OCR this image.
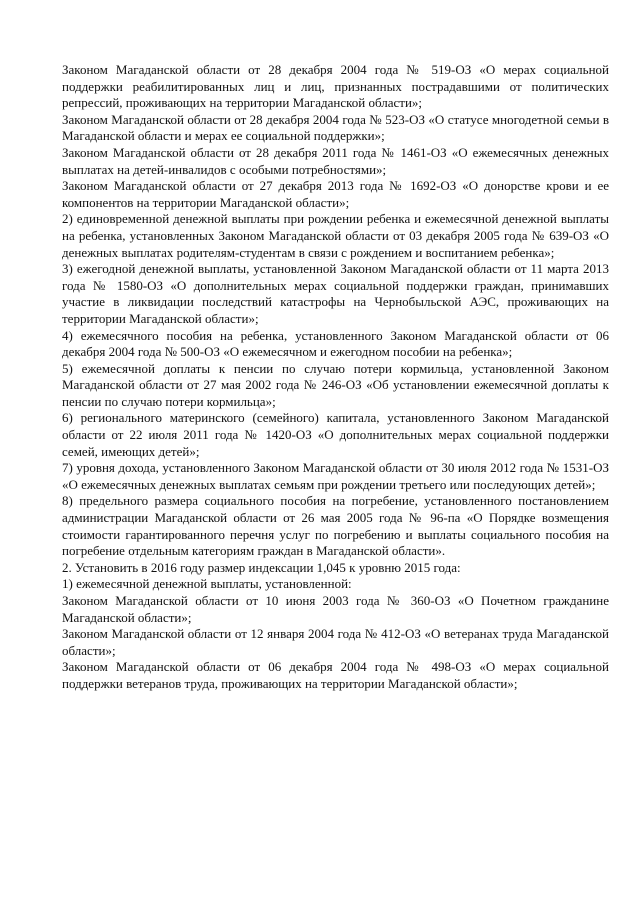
Законом Магаданской области от 28 декабря 2004 года № 519-ОЗ «О мерах социальной поддержки реабилитированных лиц и лиц, признанных пострадавшими от политических репрессий, проживающих на территории Магаданской области»;

Законом Магаданской области от 28 декабря 2004 года № 523-ОЗ «О статусе многодетной семьи в Магаданской области и мерах ее социальной поддержки»;

Законом Магаданской области от 28 декабря 2011 года № 1461-ОЗ «О ежемесячных денежных выплатах на детей-инвалидов с особыми потребностями»;

Законом Магаданской области от 27 декабря 2013 года № 1692-ОЗ «О донорстве крови и ее компонентов на территории Магаданской области»;

2) единовременной денежной выплаты при рождении ребенка и ежемесячной денежной выплаты на ребенка, установленных Законом Магаданской области от 03 декабря 2005 года № 639-ОЗ «О денежных выплатах родителям-студентам в связи с рождением и воспитанием ребенка»;

3) ежегодной денежной выплаты, установленной Законом Магаданской области от 11 марта 2013 года № 1580-ОЗ «О дополнительных мерах социальной поддержки граждан, принимавших участие в ликвидации последствий катастрофы на Чернобыльской АЭС, проживающих на территории Магаданской области»;

4) ежемесячного пособия на ребенка, установленного Законом Магаданской области от 06 декабря 2004 года № 500-ОЗ «О ежемесячном и ежегодном пособии на ребенка»;

5) ежемесячной доплаты к пенсии по случаю потери кормильца, установленной Законом Магаданской области от 27 мая 2002 года № 246-ОЗ «Об установлении ежемесячной доплаты к пенсии по случаю потери кормильца»;

6) регионального материнского (семейного) капитала, установленного Законом Магаданской области от 22 июля 2011 года № 1420-ОЗ «О дополнительных мерах социальной поддержки семей, имеющих детей»;

7) уровня дохода, установленного Законом Магаданской области от 30 июля 2012 года № 1531-ОЗ «О ежемесячных денежных выплатах семьям при рождении третьего или последующих детей»;

8) предельного размера социального пособия на погребение, установленного постановлением администрации Магаданской области от 26 мая 2005 года № 96-па «О Порядке возмещения стоимости гарантированного перечня услуг по погребению и выплаты социального пособия на погребение отдельным категориям граждан в Магаданской области».

2. Установить в 2016 году размер индексации 1,045 к уровню 2015 года:

1) ежемесячной денежной выплаты, установленной:

Законом Магаданской области от 10 июня 2003 года № 360-ОЗ «О Почетном гражданине Магаданской области»;

Законом Магаданской области от 12 января 2004 года № 412-ОЗ «О ветеранах труда Магаданской области»;

Законом Магаданской области от 06 декабря 2004 года № 498-ОЗ «О мерах социальной поддержки ветеранов труда, проживающих на территории Магаданской области»;
